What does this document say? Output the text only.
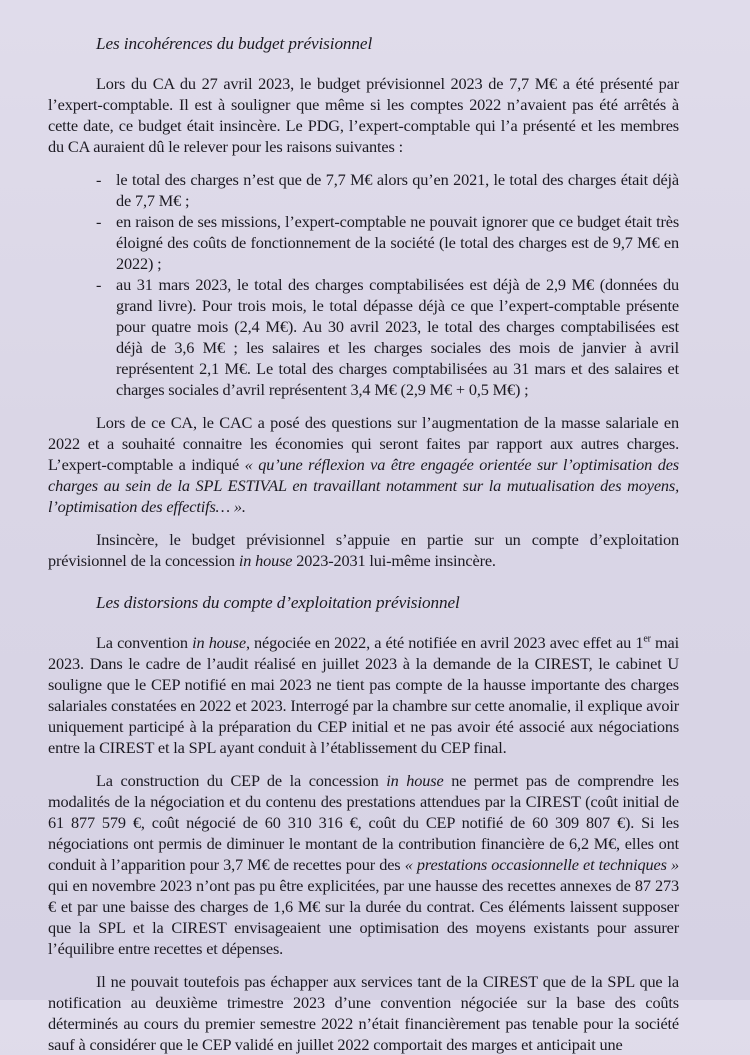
Les incohérences du budget prévisionnel

Lors du CA du 27 avril 2023, le budget prévisionnel 2023 de 7,7 M€ a été présenté par l’expert-comptable. Il est à souligner que même si les comptes 2022 n’avaient pas été arrêtés à cette date, ce budget était insincère. Le PDG, l’expert-comptable qui l’a présenté et les membres du CA auraient dû le relever pour les raisons suivantes :

- le total des charges n’est que de 7,7 M€ alors qu’en 2021, le total des charges était déjà de 7,7 M€ ;
- en raison de ses missions, l’expert-comptable ne pouvait ignorer que ce budget était très éloigné des coûts de fonctionnement de la société (le total des charges est de 9,7 M€ en 2022) ;
- au 31 mars 2023, le total des charges comptabilisées est déjà de 2,9 M€ (données du grand livre). Pour trois mois, le total dépasse déjà ce que l’expert-comptable présente pour quatre mois (2,4 M€). Au 30 avril 2023, le total des charges comptabilisées est déjà de 3,6 M€ ; les salaires et les charges sociales des mois de janvier à avril représentent 2,1 M€. Le total des charges comptabilisées au 31 mars et des salaires et charges sociales d’avril représentent 3,4 M€ (2,9 M€ + 0,5 M€) ;

Lors de ce CA, le CAC a posé des questions sur l’augmentation de la masse salariale en 2022 et a souhaité connaitre les économies qui seront faites par rapport aux autres charges. L’expert-comptable a indiqué « qu’une réflexion va être engagée orientée sur l’optimisation des charges au sein de la SPL ESTIVAL en travaillant notamment sur la mutualisation des moyens, l’optimisation des effectifs… ».

Insincère, le budget prévisionnel s’appuie en partie sur un compte d’exploitation prévisionnel de la concession in house 2023-2031 lui-même insincère.

Les distorsions du compte d’exploitation prévisionnel

La convention in house, négociée en 2022, a été notifiée en avril 2023 avec effet au 1er mai 2023. Dans le cadre de l’audit réalisé en juillet 2023 à la demande de la CIREST, le cabinet U souligne que le CEP notifié en mai 2023 ne tient pas compte de la hausse importante des charges salariales constatées en 2022 et 2023. Interrogé par la chambre sur cette anomalie, il explique avoir uniquement participé à la préparation du CEP initial et ne pas avoir été associé aux négociations entre la CIREST et la SPL ayant conduit à l’établissement du CEP final.

La construction du CEP de la concession in house ne permet pas de comprendre les modalités de la négociation et du contenu des prestations attendues par la CIREST (coût initial de 61 877 579 €, coût négocié de 60 310 316 €, coût du CEP notifié de 60 309 807 €). Si les négociations ont permis de diminuer le montant de la contribution financière de 6,2 M€, elles ont conduit à l’apparition pour 3,7 M€ de recettes pour des « prestations occasionnelle et techniques » qui en novembre 2023 n’ont pas pu être explicitées, par une hausse des recettes annexes de 87 273 € et par une baisse des charges de 1,6 M€ sur la durée du contrat. Ces éléments laissent supposer que la SPL et la CIREST envisageaient une optimisation des moyens existants pour assurer l’équilibre entre recettes et dépenses.

Il ne pouvait toutefois pas échapper aux services tant de la CIREST que de la SPL que la notification au deuxième trimestre 2023 d’une convention négociée sur la base des coûts déterminés au cours du premier semestre 2022 n’était financièrement pas tenable pour la société sauf à considérer que le CEP validé en juillet 2022 comportait des marges et anticipait une
